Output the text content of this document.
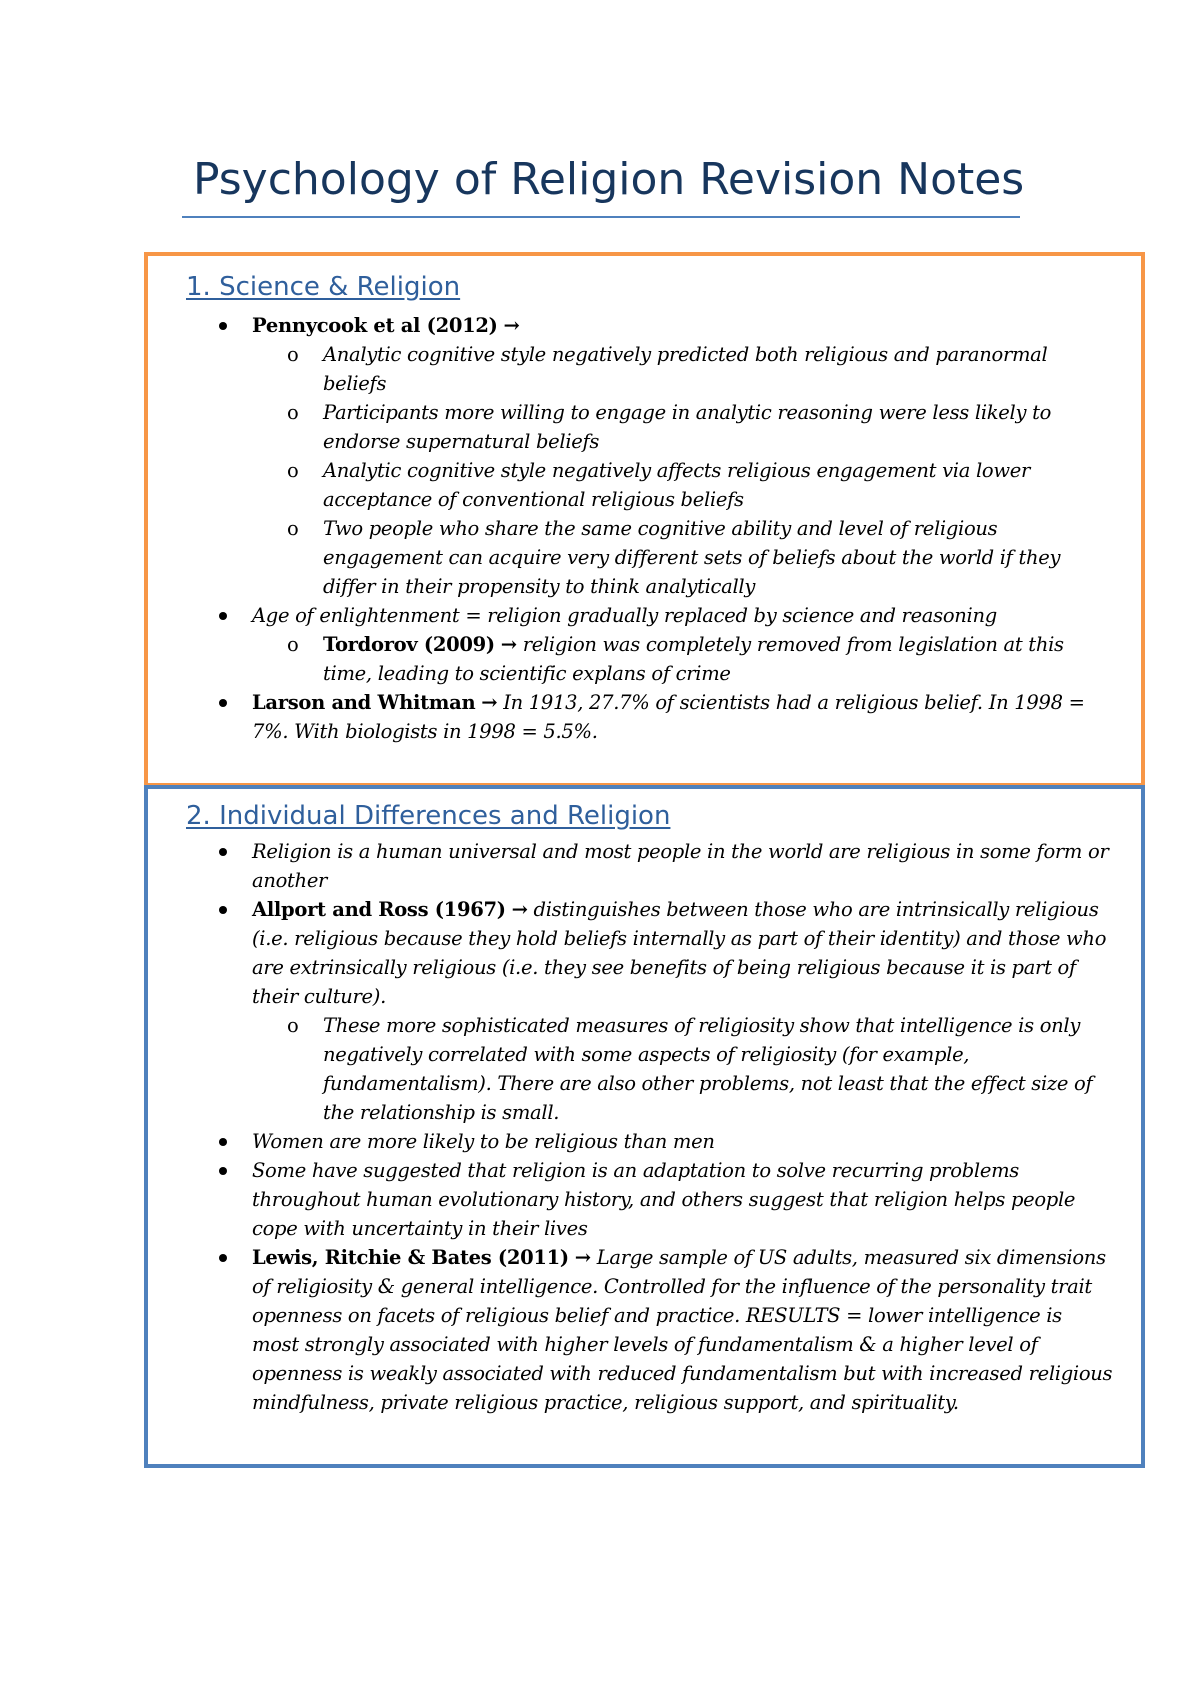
Psychology of Religion Revision Notes
1. Science & Religion
Pennycook et al (2012) →
o Analytic cognitive style negatively predicted both religious and paranormal beliefs
o Participants more willing to engage in analytic reasoning were less likely to endorse supernatural beliefs
o Analytic cognitive style negatively affects religious engagement via lower acceptance of conventional religious beliefs
o Two people who share the same cognitive ability and level of religious engagement can acquire very different sets of beliefs about the world if they differ in their propensity to think analytically
Age of enlightenment = religion gradually replaced by science and reasoning
o Tordorov (2009) → religion was completely removed from legislation at this time, leading to scientific explans of crime
Larson and Whitman → In 1913, 27.7% of scientists had a religious belief. In 1998 = 7%. With biologists in 1998 = 5.5%.
2. Individual Differences and Religion
Religion is a human universal and most people in the world are religious in some form or another
Allport and Ross (1967) → distinguishes between those who are intrinsically religious (i.e. religious because they hold beliefs internally as part of their identity) and those who are extrinsically religious (i.e. they see benefits of being religious because it is part of their culture).
o These more sophisticated measures of religiosity show that intelligence is only negatively correlated with some aspects of religiosity (for example, fundamentalism). There are also other problems, not least that the effect size of the relationship is small.
Women are more likely to be religious than men
Some have suggested that religion is an adaptation to solve recurring problems throughout human evolutionary history, and others suggest that religion helps people cope with uncertainty in their lives
Lewis, Ritchie & Bates (2011) → Large sample of US adults, measured six dimensions of religiosity & general intelligence. Controlled for the influence of the personality trait openness on facets of religious belief and practice. RESULTS = lower intelligence is most strongly associated with higher levels of fundamentalism & a higher level of openness is weakly associated with reduced fundamentalism but with increased religious mindfulness, private religious practice, religious support, and spirituality.
